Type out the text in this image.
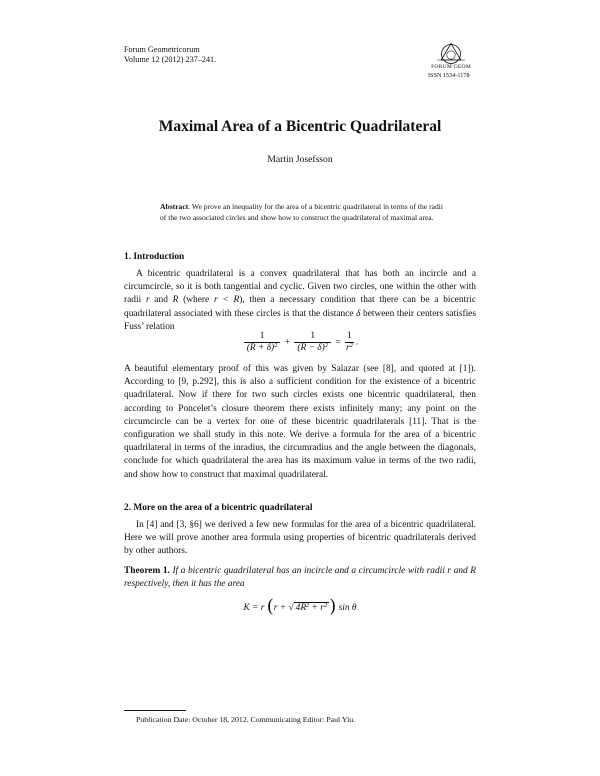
Forum Geometricorum
Volume 12 (2012) 237–241.
FORUM GEOM
ISSN 1534-1178
Maximal Area of a Bicentric Quadrilateral
Martin Josefsson
Abstract. We prove an inequality for the area of a bicentric quadrilateral in terms of the radii of the two associated circles and show how to construct the quadrilateral of maximal area.
1. Introduction

A bicentric quadrilateral is a convex quadrilateral that has both an incircle and a circumcircle, so it is both tangential and cyclic. Given two circles, one within the other with radii r and R (where r < R), then a necessary condition that there can be a bicentric quadrilateral associated with these circles is that the distance δ between their centers satisfies Fuss’ relation

$\frac{1}{(R + \delta)^2} + \frac{1}{(R - \delta)^2} = \frac{1}{r^2}$ .

A beautiful elementary proof of this was given by Salazar (see [8], and quoted at [1]). According to [9, p.292], this is also a sufficient condition for the existence of a bicentric quadrilateral. Now if there for two such circles exists one bicentric quadrilateral, then according to Poncelet’s closure theorem there exists infinitely many; any point on the circumcircle can be a vertex for one of these bicentric quadrilaterals [11]. That is the configuration we shall study in this note. We derive a formula for the area of a bicentric quadrilateral in terms of the inradius, the circumradius and the angle between the diagonals, conclude for which quadrilateral the area has its maximum value in terms of the two radii, and show how to construct that maximal quadrilateral.

2. More on the area of a bicentric quadrilateral

In [4] and [3, §6] we derived a few new formulas for the area of a bicentric quadrilateral. Here we will prove another area formula using properties of bicentric quadrilaterals derived by other authors.

Theorem 1. If a bicentric quadrilateral has an incircle and a circumcircle with radii r and R respectively, then it has the area

K = r (r + √ $4R^2 + r^2$ ) sin θ
Publication Date: October 18, 2012. Communicating Editor: Paul Yiu.
